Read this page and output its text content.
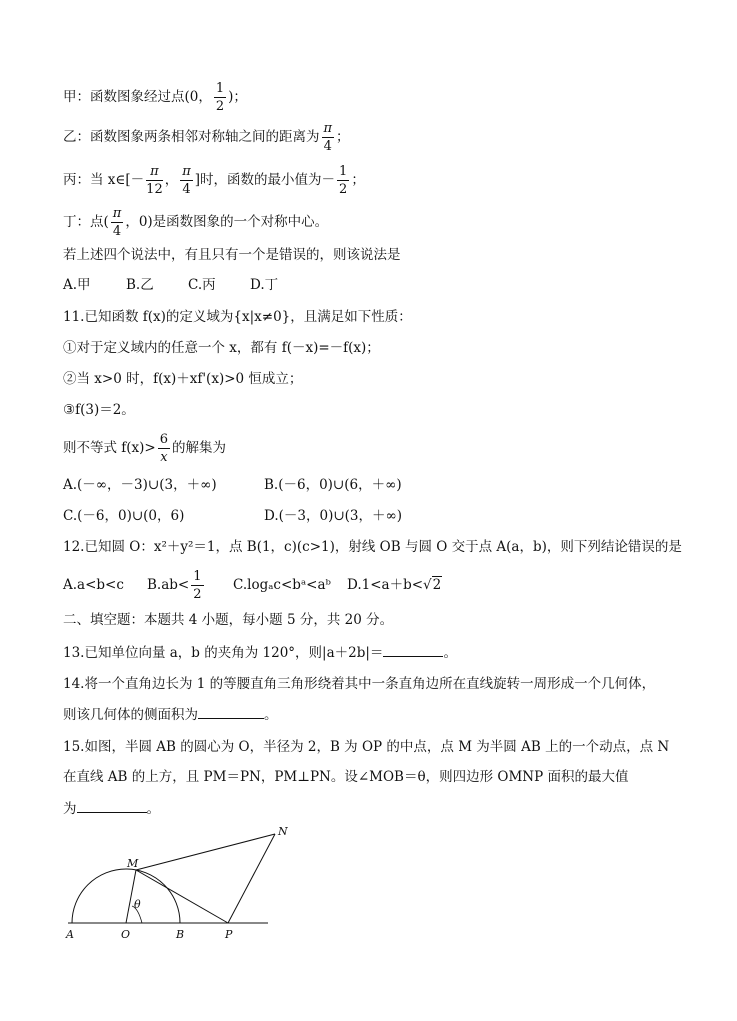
甲：函数图象经过点(0， $\frac{1}{2}$ )；
乙：函数图象两条相邻对称轴之间的距离为 $\frac{\pi}{4}$ ；
丙：当 x∈[－ $\frac{\pi}{12}$ ， $\frac{\pi}{4}$ ]时，函数的最小值为－ $\frac{1}{2}$ ；
丁：点( $\frac{\pi}{4}$ ，0)是函数图象的一个对称中心。
若上述四个说法中，有且只有一个是错误的，则该说法是
A.甲	B.乙	C.丙	D.丁
11.已知函数 f(x)的定义域为{x|x≠0}，且满足如下性质：
①对于定义域内的任意一个 x，都有 f(－x)=－f(x)；
②当 x>0 时，f(x)＋xf'(x)>0 恒成立；
③f(3)＝2。
则不等式 $f(x)> \frac{6}{x}$ 的解集为
A.(－∞，－3)∪(3，＋∞)	B.(－6，0)∪(6，＋∞)
C.(－6，0)∪(0，6)	D.(－3，0)∪(3，＋∞)
12.已知圆 O：x²＋y²＝1，点 B(1，c)(c>1)，射线 OB 与圆 O 交于点 A(a，b)，则下列结论错误的是
A.a<b<c $B.ab< \frac{1}{2}$ C.logₐc<bᵃ<aᵇ D.1<a＋b<√2
二、填空题：本题共 4 小题，每小题 5 分，共 20 分。
13.已知单位向量 a，b 的夹角为 120°，则|a＋2b|＝	。
14.将一个直角边长为 1 的等腰直角三角形绕着其中一条直角边所在直线旋转一周形成一个几何体，
则该几何体的侧面积为	。
15.如图，半圆 AB 的圆心为 O，半径为 2，B 为 OP 的中点，点 M 为半圆 AB 上的一个动点，点 N
在直线 AB 的上方，且 PM＝PN，PM⊥PN。设∠MOB＝θ，则四边形 OMNP 面积的最大值
为	。
A	O	B	P
M
N
θ
